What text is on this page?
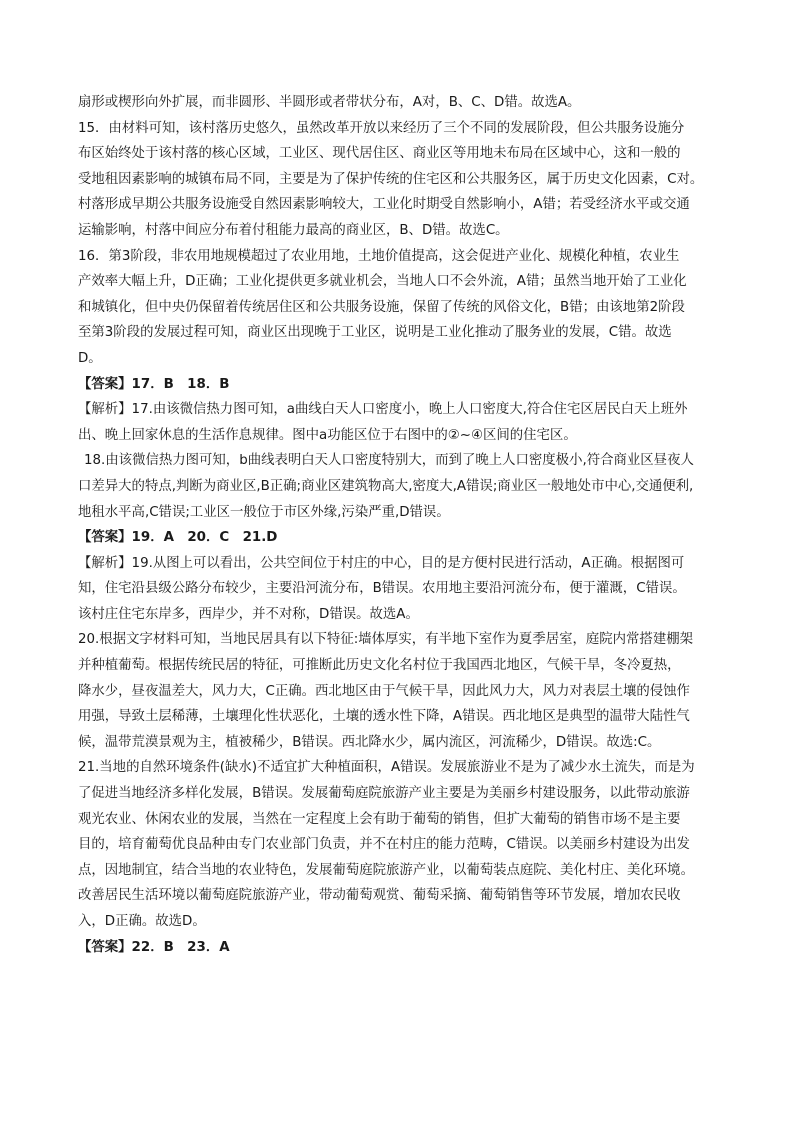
扇形或楔形向外扩展，而非圆形、半圆形或者带状分布，A对，B、C、D错。故选A。
15．由材料可知，该村落历史悠久，虽然改革开放以来经历了三个不同的发展阶段，但公共服务设施分
布区始终处于该村落的核心区域，工业区、现代居住区、商业区等用地未布局在区域中心，这和一般的
受地租因素影响的城镇布局不同，主要是为了保护传统的住宅区和公共服务区，属于历史文化因素，C对。
村落形成早期公共服务设施受自然因素影响较大，工业化时期受自然影响小，A错；若受经济水平或交通
运输影响，村落中间应分布着付租能力最高的商业区，B、D错。故选C。
16．第3阶段，非农用地规模超过了农业用地，土地价值提高，这会促进产业化、规模化种植，农业生
产效率大幅上升，D正确；工业化提供更多就业机会，当地人口不会外流，A错；虽然当地开始了工业化
和城镇化，但中央仍保留着传统居住区和公共服务设施，保留了传统的风俗文化，B错；由该地第2阶段
至第3阶段的发展过程可知，商业区出现晚于工业区，说明是工业化推动了服务业的发展，C错。故选
D。
【答案】17．B　18．B
【解析】17.由该微信热力图可知，a曲线白天人口密度小，晚上人口密度大,符合住宅区居民白天上班外
出、晚上回家休息的生活作息规律。图中a功能区位于右图中的②~④区间的住宅区。
18.由该微信热力图可知，b曲线表明白天人口密度特别大，而到了晚上人口密度极小,符合商业区昼夜人
口差异大的特点,判断为商业区,B正确;商业区建筑物高大,密度大,A错误;商业区一般地处市中心,交通便利,
地租水平高,C错误;工业区一般位于市区外缘,污染严重,D错误。
【答案】19．A　20．C　21.D
【解析】19.从图上可以看出，公共空间位于村庄的中心，目的是方便村民进行活动，A正确。根据图可
知，住宅沿县级公路分布较少，主要沿河流分布，B错误。农用地主要沿河流分布，便于灌溉，C错误。
该村庄住宅东岸多，西岸少，并不对称，D错误。故选A。
20.根据文字材料可知，当地民居具有以下特征:墙体厚实，有半地下室作为夏季居室，庭院内常搭建棚架
并种植葡萄。根据传统民居的特征，可推断此历史文化名村位于我国西北地区，气候干旱，冬冷夏热，
降水少，昼夜温差大，风力大，C正确。西北地区由于气候干旱，因此风力大，风力对表层土壤的侵蚀作
用强，导致土层稀薄，土壤理化性状恶化，土壤的透水性下降，A错误。西北地区是典型的温带大陆性气
候，温带荒漠景观为主，植被稀少，B错误。西北降水少，属内流区，河流稀少，D错误。故选:C。
21.当地的自然环境条件(缺水)不适宜扩大种植面积，A错误。发展旅游业不是为了减少水土流失，而是为
了促进当地经济多样化发展，B错误。发展葡萄庭院旅游产业主要是为美丽乡村建设服务，以此带动旅游
观光农业、休闲农业的发展，当然在一定程度上会有助于葡萄的销售，但扩大葡萄的销售市场不是主要
目的，培育葡萄优良品种由专门农业部门负责，并不在村庄的能力范畴，C错误。以美丽乡村建设为出发
点，因地制宜，结合当地的农业特色，发展葡萄庭院旅游产业，以葡萄装点庭院、美化村庄、美化环境。
改善居民生活环境以葡萄庭院旅游产业，带动葡萄观赏、葡萄采摘、葡萄销售等环节发展，增加农民收
入，D正确。故选D。
【答案】22．B　23．A
